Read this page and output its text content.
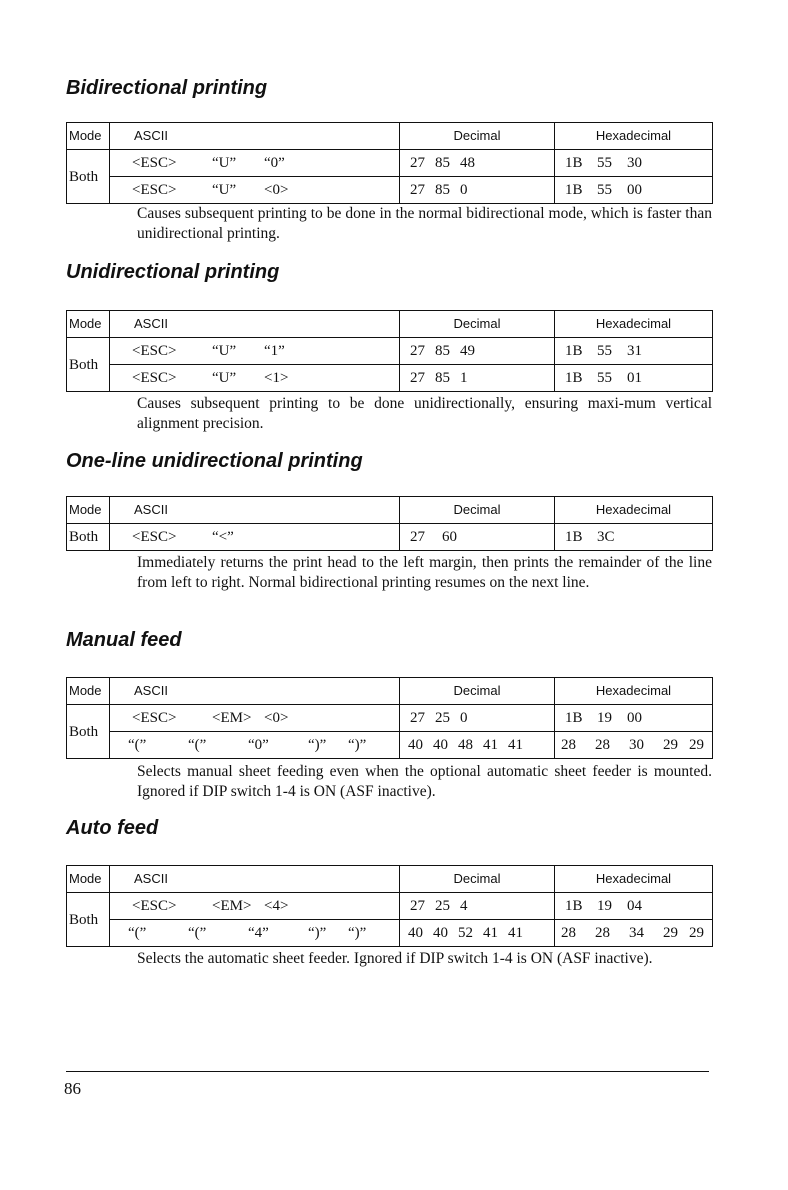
Bidirectional printing
Mode	ASCII	Decimal	Hexadecimal
Both	<ESC> “U” “0”	27 85 48	1B 55 30
	<ESC> “U” <0>	27 85 0	1B 55 00

Causes subsequent printing to be done in the normal bidirectional mode, which is faster than unidirectional printing.

Unidirectional printing
Mode	ASCII	Decimal	Hexadecimal
Both	<ESC> “U” “1”	27 85 49	1B 55 31
	<ESC> “U” <1>	27 85 1	1B 55 01

Causes subsequent printing to be done unidirectionally, ensuring maxi-mum vertical alignment precision.

One-line unidirectional printing
Mode	ASCII	Decimal	Hexadecimal
Both	<ESC> “<”	27 60	1B 3C

Immediately returns the print head to the left margin, then prints the remainder of the line from left to right. Normal bidirectional printing resumes on the next line.

Manual feed
Mode	ASCII	Decimal	Hexadecimal
Both	<ESC> <EM> <0>	27 25 0	1B 19 00
	“(” “(” “0” “)” “)”	40 40 48 41 41	28 28 30 29 29

Selects manual sheet feeding even when the optional automatic sheet feeder is mounted. Ignored if DIP switch 1-4 is ON (ASF inactive).

Auto feed
Mode	ASCII	Decimal	Hexadecimal
Both	<ESC> <EM> <4>	27 25 4	1B 19 04
	“(” “(” “4” “)” “)”	40 40 52 41 41	28 28 34 29 29

Selects the automatic sheet feeder. Ignored if DIP switch 1-4 is ON (ASF inactive).

86
